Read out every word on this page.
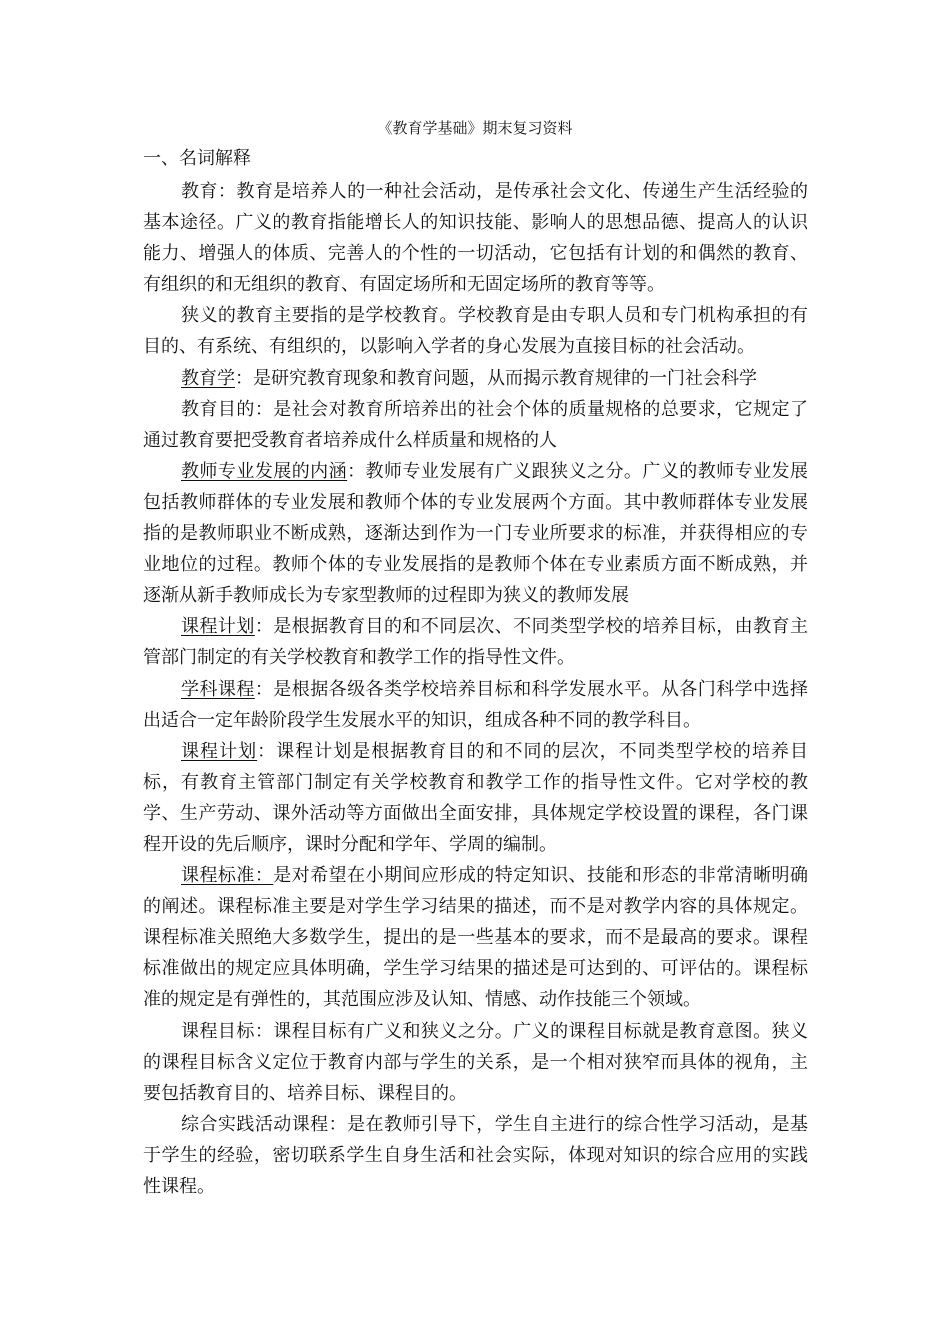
《教育学基础》期末复习资料

一、名词解释

教育：教育是培养人的一种社会活动，是传承社会文化、传递生产生活经验的基本途径。广义的教育指能增长人的知识技能、影响人的思想品德、提高人的认识能力、增强人的体质、完善人的个性的一切活动，它包括有计划的和偶然的教育、有组织的和无组织的教育、有固定场所和无固定场所的教育等等。

狭义的教育主要指的是学校教育。学校教育是由专职人员和专门机构承担的有目的、有系统、有组织的，以影响入学者的身心发展为直接目标的社会活动。

教育学：是研究教育现象和教育问题，从而揭示教育规律的一门社会科学

教育目的：是社会对教育所培养出的社会个体的质量规格的总要求，它规定了通过教育要把受教育者培养成什么样质量和规格的人

教师专业发展的内涵：教师专业发展有广义跟狭义之分。广义的教师专业发展包括教师群体的专业发展和教师个体的专业发展两个方面。其中教师群体专业发展指的是教师职业不断成熟，逐渐达到作为一门专业所要求的标准，并获得相应的专业地位的过程。教师个体的专业发展指的是教师个体在专业素质方面不断成熟，并逐渐从新手教师成长为专家型教师的过程即为狭义的教师发展

课程计划：是根据教育目的和不同层次、不同类型学校的培养目标，由教育主管部门制定的有关学校教育和教学工作的指导性文件。

学科课程：是根据各级各类学校培养目标和科学发展水平。从各门科学中选择出适合一定年龄阶段学生发展水平的知识，组成各种不同的教学科目。

课程计划：课程计划是根据教育目的和不同的层次，不同类型学校的培养目标，有教育主管部门制定有关学校教育和教学工作的指导性文件。它对学校的教学、生产劳动、课外活动等方面做出全面安排，具体规定学校设置的课程，各门课程开设的先后顺序，课时分配和学年、学周的编制。

课程标准：是对希望在小期间应形成的特定知识、技能和形态的非常清晰明确的阐述。课程标准主要是对学生学习结果的描述，而不是对教学内容的具体规定。课程标准关照绝大多数学生，提出的是一些基本的要求，而不是最高的要求。课程标准做出的规定应具体明确，学生学习结果的描述是可达到的、可评估的。课程标准的规定是有弹性的，其范围应涉及认知、情感、动作技能三个领域。

课程目标：课程目标有广义和狭义之分。广义的课程目标就是教育意图。狭义的课程目标含义定位于教育内部与学生的关系，是一个相对狭窄而具体的视角，主要包括教育目的、培养目标、课程目的。

综合实践活动课程：是在教师引导下，学生自主进行的综合性学习活动，是基于学生的经验，密切联系学生自身生活和社会实际，体现对知识的综合应用的实践性课程。
